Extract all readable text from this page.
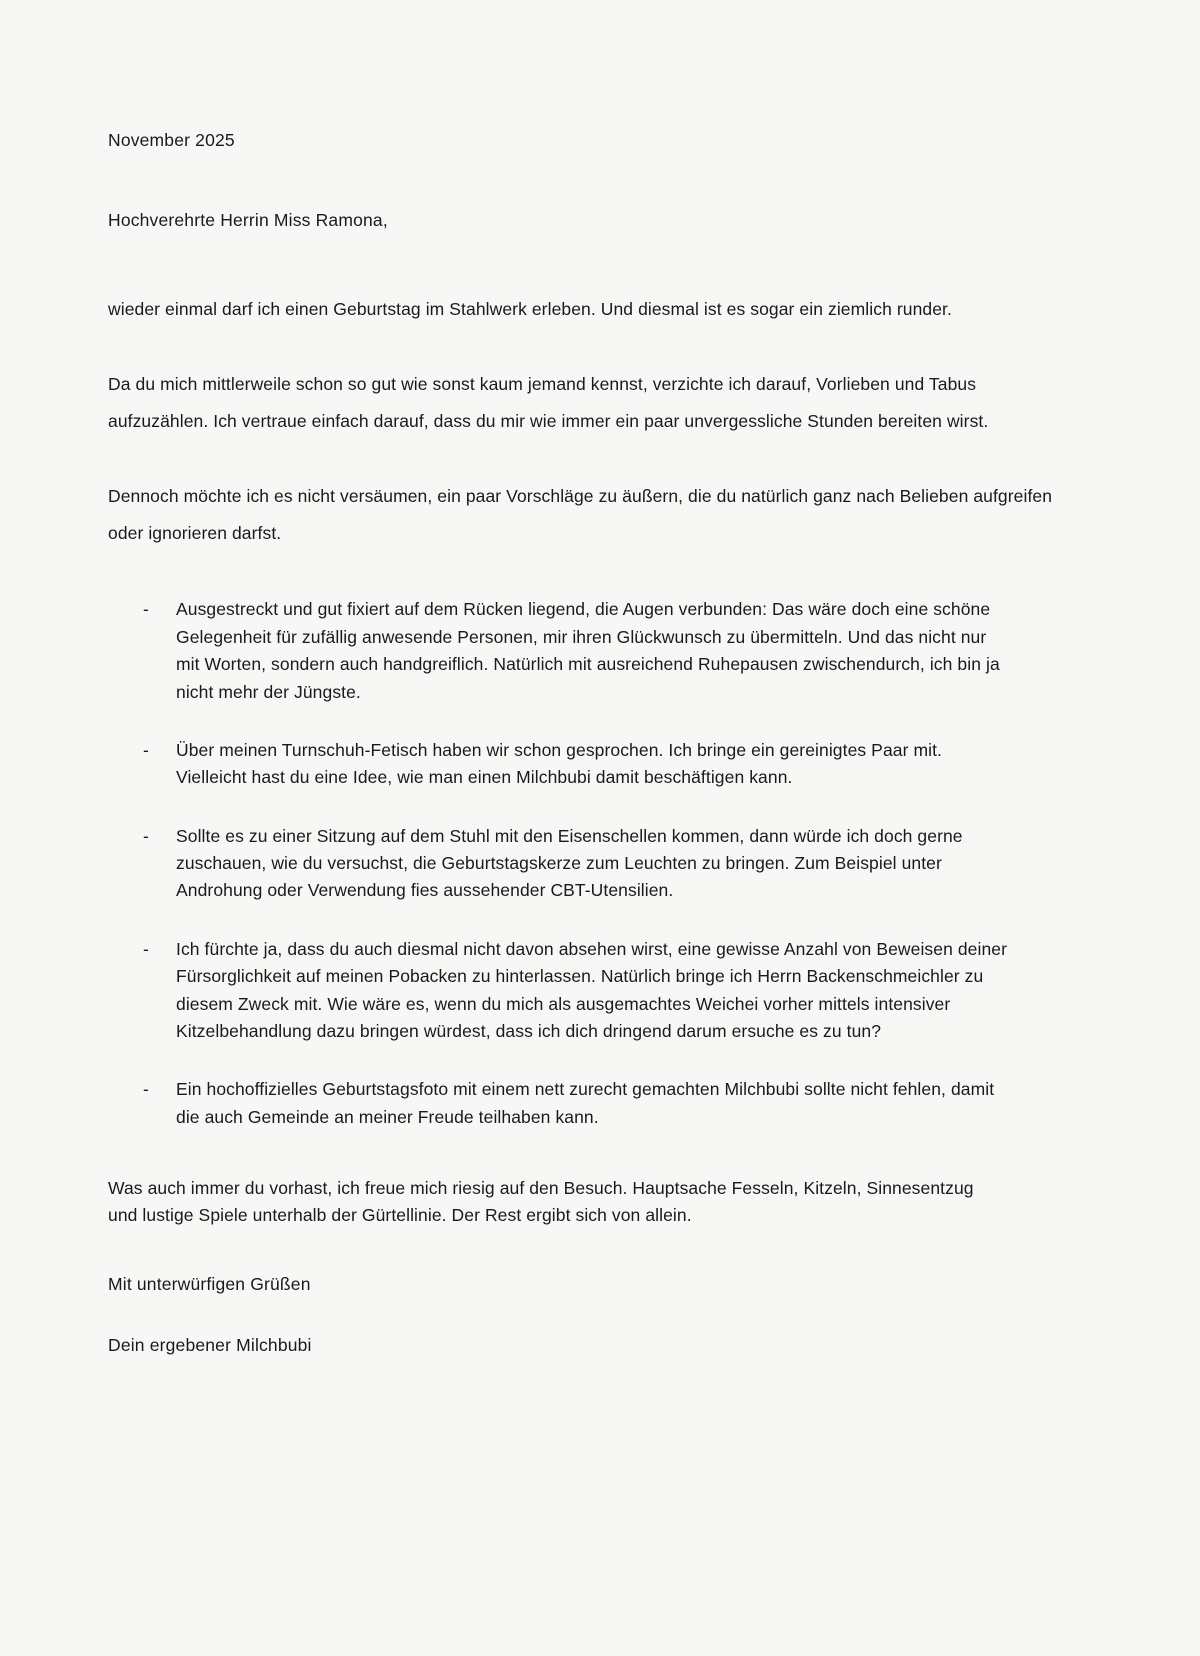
November 2025
Hochverehrte Herrin Miss Ramona,

wieder einmal darf ich einen Geburtstag im Stahlwerk erleben. Und diesmal ist es sogar ein ziemlich runder.

Da du mich mittlerweile schon so gut wie sonst kaum jemand kennst, verzichte ich darauf, Vorlieben und Tabus aufzuzählen. Ich vertraue einfach darauf, dass du mir wie immer ein paar unvergessliche Stunden bereiten wirst.

Dennoch möchte ich es nicht versäumen, ein paar Vorschläge zu äußern, die du natürlich ganz nach Belieben aufgreifen oder ignorieren darfst.

- Ausgestreckt und gut fixiert auf dem Rücken liegend, die Augen verbunden: Das wäre doch eine schöne Gelegenheit für zufällig anwesende Personen, mir ihren Glückwunsch zu übermitteln. Und das nicht nur mit Worten, sondern auch handgreiflich. Natürlich mit ausreichend Ruhepausen zwischendurch, ich bin ja nicht mehr der Jüngste.
- Über meinen Turnschuh-Fetisch haben wir schon gesprochen. Ich bringe ein gereinigtes Paar mit. Vielleicht hast du eine Idee, wie man einen Milchbubi damit beschäftigen kann.
- Sollte es zu einer Sitzung auf dem Stuhl mit den Eisenschellen kommen, dann würde ich doch gerne zuschauen, wie du versuchst, die Geburtstagskerze zum Leuchten zu bringen. Zum Beispiel unter Androhung oder Verwendung fies aussehender CBT-Utensilien.
- Ich fürchte ja, dass du auch diesmal nicht davon absehen wirst, eine gewisse Anzahl von Beweisen deiner Fürsorglichkeit auf meinen Pobacken zu hinterlassen. Natürlich bringe ich Herrn Backenschmeichler zu diesem Zweck mit. Wie wäre es, wenn du mich als ausgemachtes Weichei vorher mittels intensiver Kitzelbehandlung dazu bringen würdest, dass ich dich dringend darum ersuche es zu tun?
- Ein hochoffizielles Geburtstagsfoto mit einem nett zurecht gemachten Milchbubi sollte nicht fehlen, damit die auch Gemeinde an meiner Freude teilhaben kann.

Was auch immer du vorhast, ich freue mich riesig auf den Besuch. Hauptsache Fesseln, Kitzeln, Sinnesentzug und lustige Spiele unterhalb der Gürtellinie. Der Rest ergibt sich von allein.

Mit unterwürfigen Grüßen
Dein ergebener Milchbubi
